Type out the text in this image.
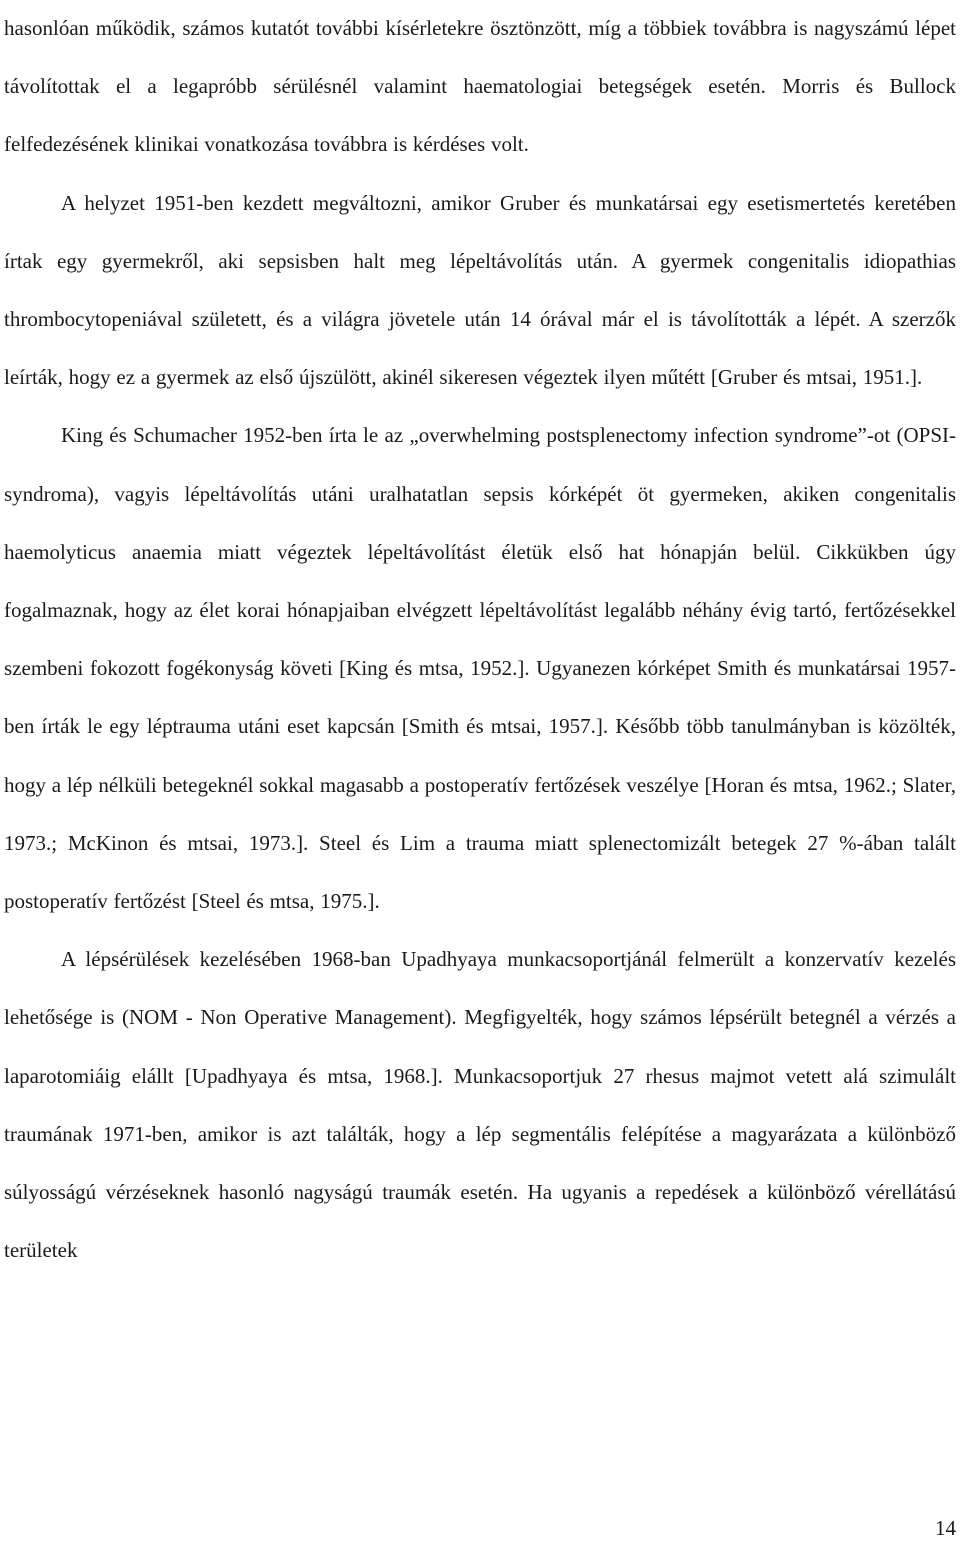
hasonlóan működik, számos kutatót további kísérletekre ösztönzött, míg a többiek továbbra is nagyszámú lépet távolítottak el a legapróbb sérülésnél valamint haematologiai betegségek esetén. Morris és Bullock felfedezésének klinikai vonatkozása továbbra is kérdéses volt.

A helyzet 1951-ben kezdett megváltozni, amikor Gruber és munkatársai egy esetismertetés keretében írtak egy gyermekről, aki sepsisben halt meg lépeltávolítás után. A gyermek congenitalis idiopathias thrombocytopeniával született, és a világra jövetele után 14 órával már el is távolították a lépét. A szerzők leírták, hogy ez a gyermek az első újszülött, akinél sikeresen végeztek ilyen műtétt [Gruber és mtsai, 1951.].

King és Schumacher 1952-ben írta le az „overwhelming postsplenectomy infection syndrome”-ot (OPSI-syndroma), vagyis lépeltávolítás utáni uralhatatlan sepsis kórképét öt gyermeken, akiken congenitalis haemolyticus anaemia miatt végeztek lépeltávolítást életük első hat hónapján belül. Cikkükben úgy fogalmaznak, hogy az élet korai hónapjaiban elvégzett lépeltávolítást legalább néhány évig tartó, fertőzésekkel szembeni fokozott fogékonyság követi [King és mtsa, 1952.]. Ugyanezen kórképet Smith és munkatársai 1957-ben írták le egy léptrauma utáni eset kapcsán [Smith és mtsai, 1957.]. Később több tanulmányban is közölték, hogy a lép nélküli betegeknél sokkal magasabb a postoperatív fertőzések veszélye [Horan és mtsa, 1962.; Slater, 1973.; McKinon és mtsai, 1973.]. Steel és Lim a trauma miatt splenectomizált betegek 27 %-ában talált postoperatív fertőzést [Steel és mtsa, 1975.].

A lépsérülések kezelésében 1968-ban Upadhyaya munkacsoportjánál felmerült a konzervatív kezelés lehetősége is (NOM - Non Operative Management). Megfigyelték, hogy számos lépsérült betegnél a vérzés a laparotomiáig elállt [Upadhyaya és mtsa, 1968.]. Munkacsoportjuk 27 rhesus majmot vetett alá szimulált traumának 1971-ben, amikor is azt találták, hogy a lép segmentális felépítése a magyarázata a különböző súlyosságú vérzéseknek hasonló nagyságú traumák esetén. Ha ugyanis a repedések a különböző vérellátású területek

14
